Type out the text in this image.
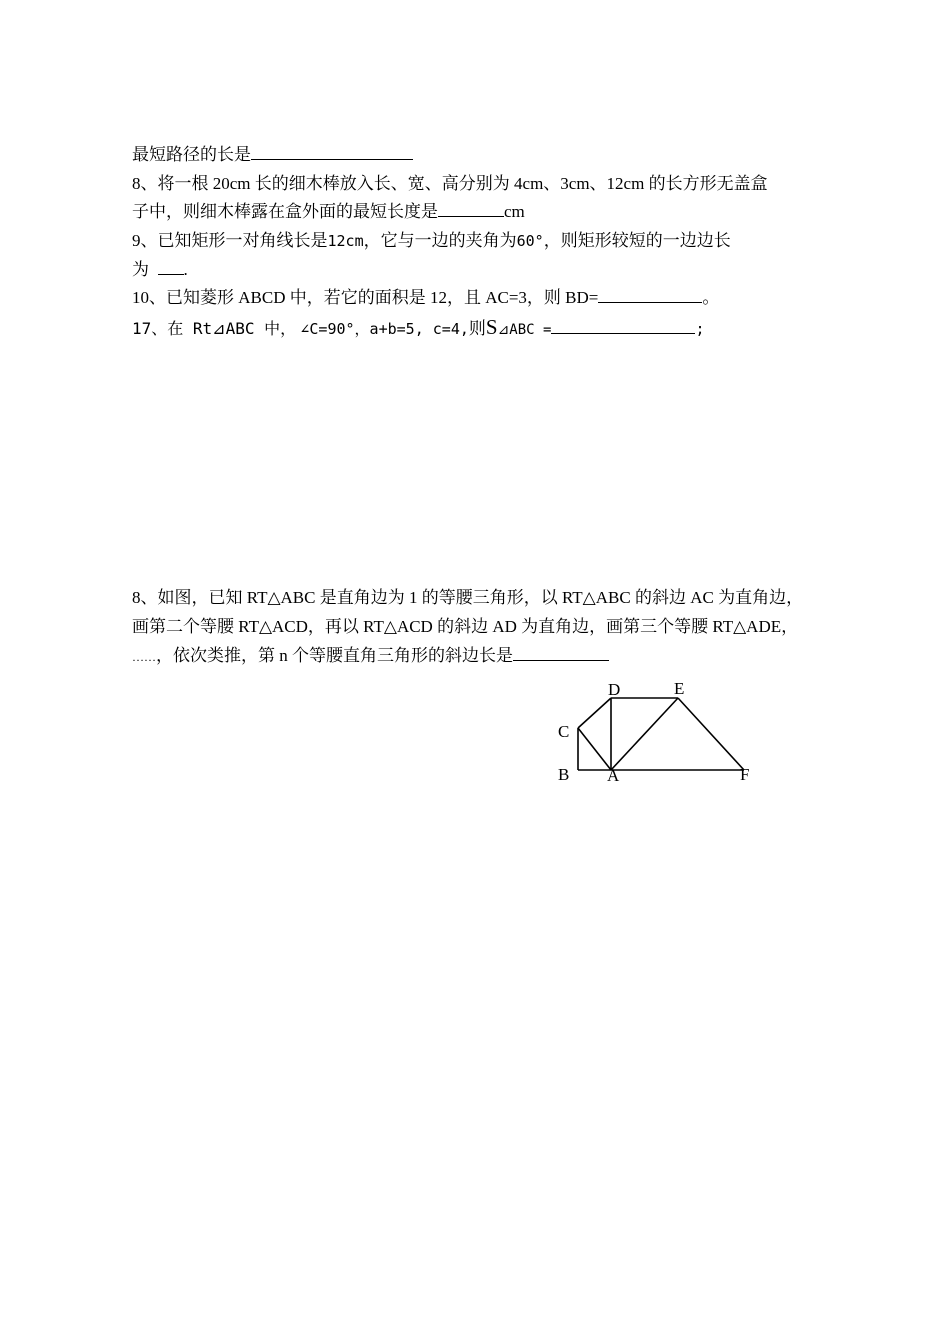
最短路径的长是
8、将一根 20cm 长的细木棒放入长、宽、高分别为 4cm、3cm、12cm 的长方形无盖盒
子中，则细木棒露在盒外面的最短长度是	cm
9、已知矩形一对角线长是12cm，它与一边的夹角为60°，则矩形较短的一边边长
为 .
10、已知菱形 ABCD 中，若它的面积是 12，且 AC=3，则 BD=	。
17、在 Rt⊿ABC 中， ∠C=90°，a+b=5, c=4,则S⊿ABC =	;
8、如图，已知 RT△ABC 是直角边为 1 的等腰三角形，以 RT△ABC 的斜边 AC 为直角边，
画第二个等腰 RT△ACD，再以 RT△ACD 的斜边 AD 为直角边，画第三个等腰 RT△ADE，
……，依次类推，第 n 个等腰直角三角形的斜边长是
D	E
C
B A	F
